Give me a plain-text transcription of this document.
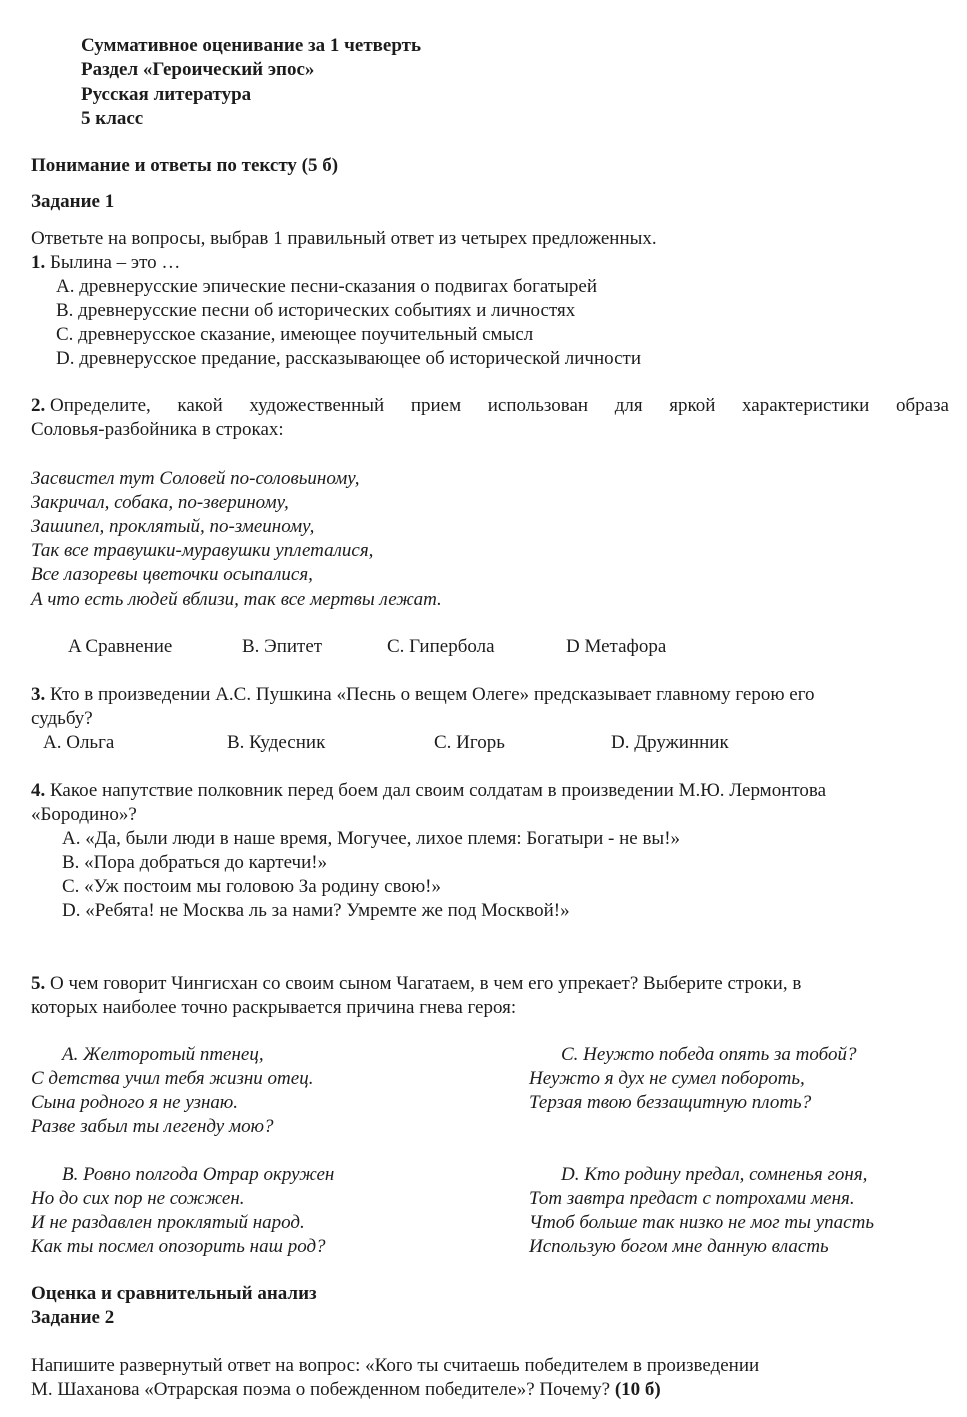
Суммативное оценивание за 1 четверть
Раздел «Героический эпос»
Русская литература
5 класс
Понимание и ответы по тексту (5 б)
Задание 1
Ответьте на вопросы, выбрав 1 правильный ответ из четырех предложенных.
1. Былина – это …
A. древнерусские эпические песни-сказания о подвигах богатырей
B. древнерусские песни об исторических событиях и личностях
C. древнерусское сказание, имеющее поучительный смысл
D. древнерусское предание, рассказывающее об исторической личности
2. Определите, какой художественный прием использован для яркой характеристики образа
Соловья-разбойника в строках:
Засвистел тут Соловей по-соловьиному,
Закричал, собака, по-звериному,
Зашипел, проклятый, по-змеиному,
Так все травушки-муравушки уплеталися,
Все лазоревы цветочки осыпалися,
А что есть людей вблизи, так все мертвы лежат.
A Сравнение	B. Эпитет	C. Гипербола	D Метафора
3. Кто в произведении А.С. Пушкина «Песнь о вещем Олеге» предсказывает главному герою его
судьбу?
A. Ольга	B. Кудесник	C. Игорь	D. Дружинник
4. Какое напутствие полковник перед боем дал своим солдатам в произведении М.Ю. Лермонтова
«Бородино»?
A. «Да, были люди в наше время, Могучее, лихое племя: Богатыри - не вы!»
B. «Пора добраться до картечи!»
C. «Уж постоим мы головою За родину свою!»
D. «Ребята! не Москва ль за нами? Умремте же под Москвой!»
5. О чем говорит Чингисхан со своим сыном Чагатаем, в чем его упрекает? Выберите строки, в
которых наиболее точно раскрывается причина гнева героя:
A. Желторотый птенец,
С детства учил тебя жизни отец.
Сына родного я не узнаю.
Разве забыл ты легенду мою?
C. Неужто победа опять за тобой?
Неужто я дух не сумел побороть,
Терзая твою беззащитную плоть?
B. Ровно полгода Отрар окружен
Но до сих пор не сожжен.
И не раздавлен проклятый народ.
Как ты посмел опозорить наш род?
D. Кто родину предал, сомненья гоня,
Тот завтра предаст с потрохами меня.
Чтоб больше так низко не мог ты упасть
Использую богом мне данную власть
Оценка и сравнительный анализ
Задание 2
Напишите развернутый ответ на вопрос: «Кого ты считаешь победителем в произведении
М. Шаханова «Отрарская поэма о побежденном победителе»? Почему? (10 б)
